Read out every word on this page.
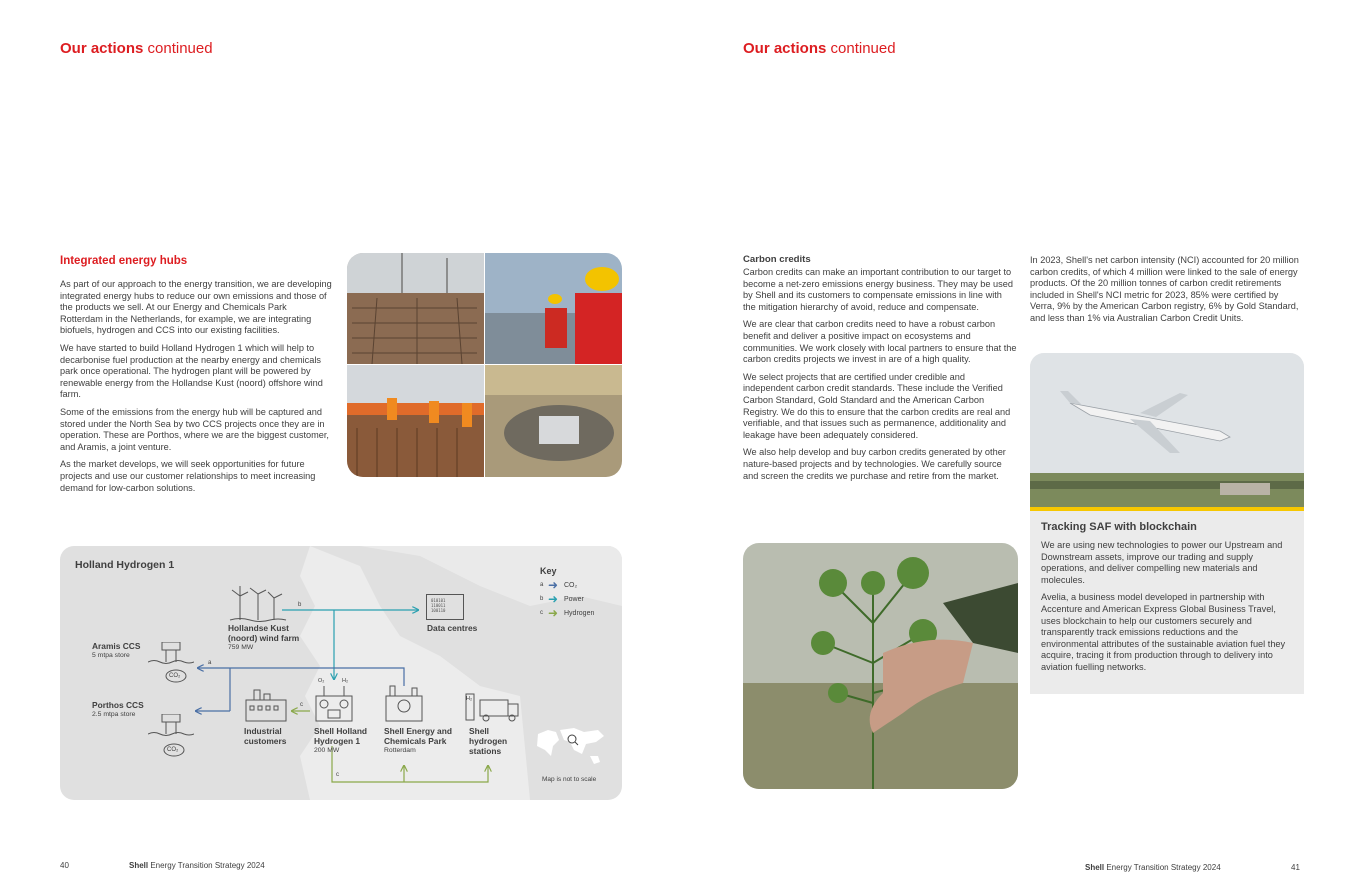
Our actions continued
Integrated energy hubs

As part of our approach to the energy transition, we are developing integrated energy hubs to reduce our own emissions and those of the products we sell. At our Energy and Chemicals Park Rotterdam in the Netherlands, for example, we are integrating biofuels, hydrogen and CCS into our existing facilities.

We have started to build Holland Hydrogen 1 which will help to decarbonise fuel production at the nearby energy and chemicals park once operational. The hydrogen plant will be powered by renewable energy from the Hollandse Kust (noord) offshore wind farm.

Some of the emissions from the energy hub will be captured and stored under the North Sea by two CCS projects once they are in operation. These are Porthos, where we are the biggest customer, and Aramis, a joint venture.

As the market develops, we will seek opportunities for future projects and use our customer relationships to meet increasing demand for low-carbon solutions.

Holland Hydrogen 1	Key
a ➜ CO₂
b ➜ Power
c ➜ Hydrogen
b
Hollandse Kust
(noord) wind farm
759 MW
010101
110011
100110
Data centres
Aramis CCS
5 mtpa store
CO₂
a
Porthos CCS
2.5 mtpa store
CO₂
c
Industrial
customers
O₂	H₂
Shell Holland
Hydrogen 1
200 MW
c
Shell Energy and
Chemicals Park
Rotterdam
H₂
Shell
hydrogen
stations
Map is not to scale
40	Shell Energy Transition Strategy 2024
Our actions continued
Carbon credits

Carbon credits can make an important contribution to our target to become a net-zero emissions energy business. They may be used by Shell and its customers to compensate emissions in line with the mitigation hierarchy of avoid, reduce and compensate.

We are clear that carbon credits need to have a robust carbon benefit and deliver a positive impact on ecosystems and communities. We work closely with local partners to ensure that the carbon credits projects we invest in are of a high quality.

We select projects that are certified under credible and independent carbon credit standards. These include the Verified Carbon Standard, Gold Standard and the American Carbon Registry. We do this to ensure that the carbon credits are real and verifiable, and that issues such as permanence, additionality and leakage have been adequately considered.

We also help develop and buy carbon credits generated by other nature-based projects and by technologies. We carefully source and screen the credits we purchase and retire from the market.

In 2023, Shell's net carbon intensity (NCI) accounted for 20 million carbon credits, of which 4 million were linked to the sale of energy products. Of the 20 million tonnes of carbon credit retirements included in Shell's NCI metric for 2023, 85% were certified by Verra, 9% by the American Carbon registry, 6% by Gold Standard, and less than 1% via Australian Carbon Credit Units.

Tracking SAF with blockchain

We are using new technologies to power our Upstream and Downstream assets, improve our trading and supply operations, and deliver compelling new materials and molecules.

Avelia, a business model developed in partnership with Accenture and American Express Global Business Travel, uses blockchain to help our customers securely and transparently track emissions reductions and the environmental attributes of the sustainable aviation fuel they acquire, tracing it from production through to delivery into aviation fuelling networks.

Shell Energy Transition Strategy 2024	41
